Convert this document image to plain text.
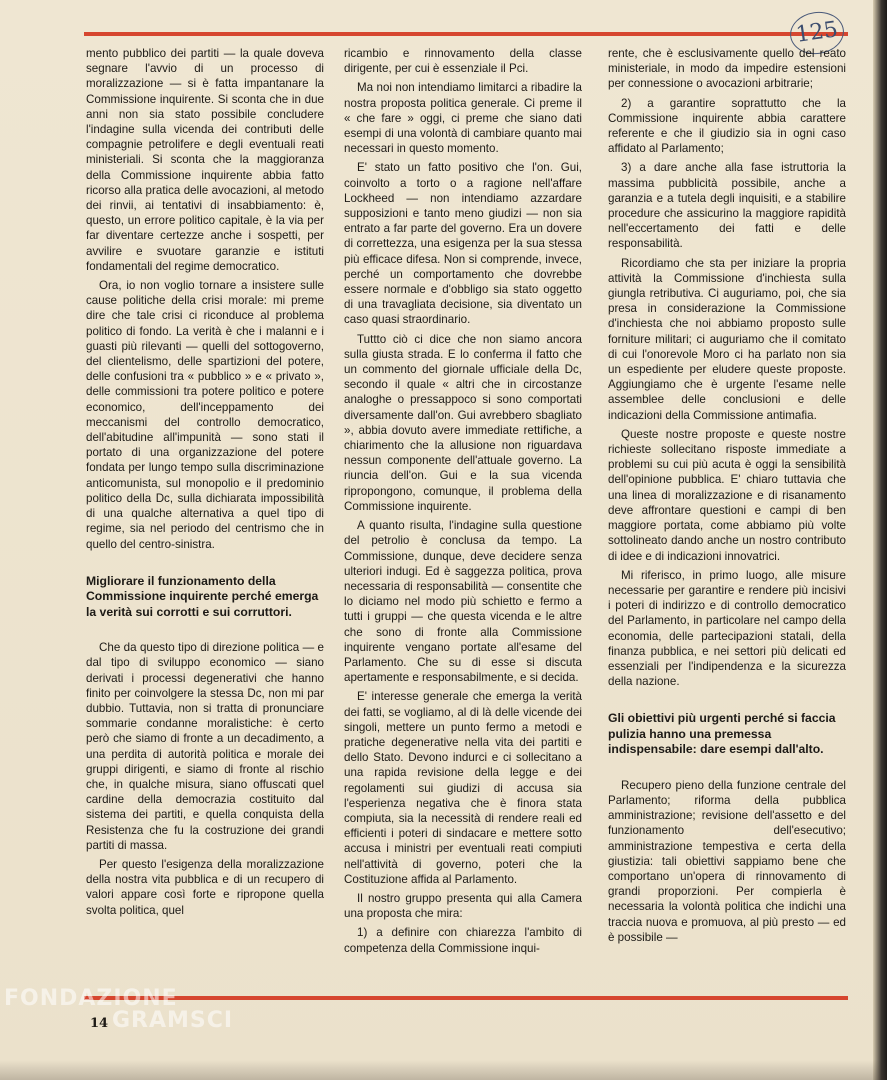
125

mento pubblico dei partiti — la quale doveva segnare l'avvio di un processo di moralizzazione — si è fatta impantanare la Commissione inquirente. Si sconta che in due anni non sia stato possibile concludere l'indagine sulla vicenda dei contributi delle compagnie petrolifere e degli eventuali reati ministeriali. Si sconta che la maggioranza della Commissione inquirente abbia fatto ricorso alla pratica delle avocazioni, al metodo dei rinvii, ai tentativi di insabbiamento: è, questo, un errore politico capitale, è la via per far diventare certezze anche i sospetti, per avvilire e svuotare garanzie e istituti fondamentali del regime democratico.

Ora, io non voglio tornare a insistere sulle cause politiche della crisi morale: mi preme dire che tale crisi ci riconduce al problema politico di fondo. La verità è che i malanni e i guasti più rilevanti — quelli del sottogoverno, del clientelismo, delle spartizioni del potere, delle confusioni tra « pubblico » e « privato », delle commissioni tra potere politico e potere economico, dell'inceppamento dei meccanismi del controllo democratico, dell'abitudine all'impunità — sono stati il portato di una organizzazione del potere fondata per lungo tempo sulla discriminazione anticomunista, sul monopolio e il predominio politico della Dc, sulla dichiarata impossibilità di una qualche alternativa a quel tipo di regime, sia nel periodo del centrismo che in quello del centro-sinistra.

Migliorare il funzionamento della Commissione inquirente perché emerga la verità sui corrotti e sui corruttori.

Che da questo tipo di direzione politica — e dal tipo di sviluppo economico — siano derivati i processi degenerativi che hanno finito per coinvolgere la stessa Dc, non mi par dubbio. Tuttavia, non si tratta di pronunciare sommarie condanne moralistiche: è certo però che siamo di fronte a un decadimento, a una perdita di autorità politica e morale dei gruppi dirigenti, e siamo di fronte al rischio che, in qualche misura, siano offuscati quel cardine della democrazia costituito dal sistema dei partiti, e quella conquista della Resistenza che fu la costruzione dei grandi partiti di massa.

Per questo l'esigenza della moralizzazione della nostra vita pubblica e di un recupero di valori appare così forte e ripropone quella svolta politica, quel

ricambio e rinnovamento della classe dirigente, per cui è essenziale il Pci.

Ma noi non intendiamo limitarci a ribadire la nostra proposta politica generale. Ci preme il « che fare » oggi, ci preme che siano dati esempi di una volontà di cambiare quanto mai necessari in questo momento.

E' stato un fatto positivo che l'on. Gui, coinvolto a torto o a ragione nell'affare Lockheed — non intendiamo azzardare supposizioni e tanto meno giudizi — non sia entrato a far parte del governo. Era un dovere di correttezza, una esigenza per la sua stessa più efficace difesa. Non si comprende, invece, perché un comportamento che dovrebbe essere normale e d'obbligo sia stato oggetto di una travagliata decisione, sia diventato un caso quasi straordinario.

Tuttto ciò ci dice che non siamo ancora sulla giusta strada. E lo conferma il fatto che un commento del giornale ufficiale della Dc, secondo il quale « altri che in circostanze analoghe o pressappoco si sono comportati diversamente dall'on. Gui avrebbero sbagliato », abbia dovuto avere immediate rettifiche, a chiarimento che la allusione non riguardava nessun componente dell'attuale governo. La riuncia dell'on. Gui e la sua vicenda ripropongono, comunque, il problema della Commissione inquirente.

A quanto risulta, l'indagine sulla questione del petrolio è conclusa da tempo. La Commissione, dunque, deve decidere senza ulteriori indugi. Ed è saggezza politica, prova necessaria di responsabilità — consentite che lo diciamo nel modo più schietto e fermo a tutti i gruppi — che questa vicenda e le altre che sono di fronte alla Commissione inquirente vengano portate all'esame del Parlamento. Che su di esse si discuta apertamente e responsabilmente, e si decida.

E' interesse generale che emerga la verità dei fatti, se vogliamo, al di là delle vicende dei singoli, mettere un punto fermo a metodi e pratiche degenerative nella vita dei partiti e dello Stato. Devono indurci e ci sollecitano a una rapida revisione della legge e dei regolamenti sui giudizi di accusa sia l'esperienza negativa che è finora stata compiuta, sia la necessità di rendere reali ed efficienti i poteri di sindacare e mettere sotto accusa i ministri per eventuali reati compiuti nell'attività di governo, poteri che la Costituzione affida al Parlamento.

Il nostro gruppo presenta qui alla Camera una proposta che mira:

1) a definire con chiarezza l'ambito di competenza della Commissione inqui-

rente, che è esclusivamente quello del reato ministeriale, in modo da impedire estensioni per connessione o avocazioni arbitrarie;

2) a garantire soprattutto che la Commissione inquirente abbia carattere referente e che il giudizio sia in ogni caso affidato al Parlamento;

3) a dare anche alla fase istruttoria la massima pubblicità possibile, anche a garanzia e a tutela degli inquisiti, e a stabilire procedure che assicurino la maggiore rapidità nell'eccertamento dei fatti e delle responsabilità.

Ricordiamo che sta per iniziare la propria attività la Commissione d'inchiesta sulla giungla retributiva. Ci auguriamo, poi, che sia presa in considerazione la Commissione d'inchiesta che noi abbiamo proposto sulle forniture militari; ci auguriamo che il comitato di cui l'onorevole Moro ci ha parlato non sia un espediente per eludere queste proposte. Aggiungiamo che è urgente l'esame nelle assemblee delle conclusioni e delle indicazioni della Commissione antimafia.

Queste nostre proposte e queste nostre richieste sollecitano risposte immediate a problemi su cui più acuta è oggi la sensibilità dell'opinione pubblica. E' chiaro tuttavia che una linea di moralizzazione e di risanamento deve affrontare questioni e campi di ben maggiore portata, come abbiamo più volte sottolineato dando anche un nostro contributo di idee e di indicazioni innovatrici.

Mi riferisco, in primo luogo, alle misure necessarie per garantire e rendere più incisivi i poteri di indirizzo e di controllo democratico del Parlamento, in particolare nel campo della economia, delle partecipazioni statali, della finanza pubblica, e nei settori più delicati ed essenziali per l'indipendenza e la sicurezza della nazione.

Gli obiettivi più urgenti perché si faccia pulizia hanno una premessa indispensabile: dare esempi dall'alto.

Recupero pieno della funzione centrale del Parlamento; riforma della pubblica amministrazione; revisione dell'assetto e del funzionamento dell'esecutivo; amministrazione tempestiva e certa della giustizia: tali obiettivi sappiamo bene che comportano un'opera di rinnovamento di grandi proporzioni. Per compierla è necessaria la volontà politica che indichi una traccia nuova e promuova, al più presto — ed è possibile —

14
FONDAZIONE
GRAMSCI
